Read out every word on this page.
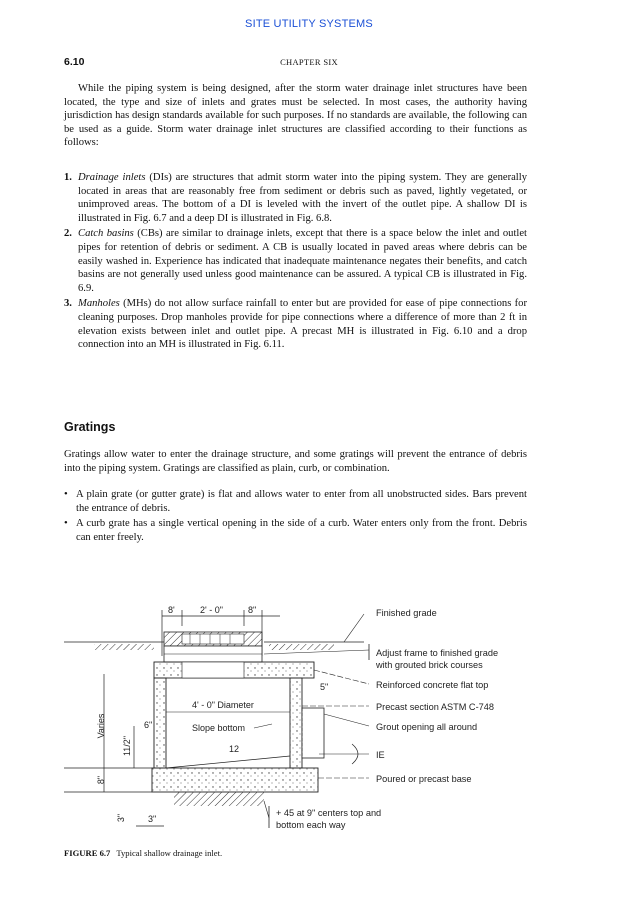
SITE UTILITY SYSTEMS
6.10	CHAPTER SIX

While the piping system is being designed, after the storm water drainage inlet structures have been located, the type and size of inlets and grates must be selected. In most cases, the authority having jurisdiction has design standards available for such purposes. If no standards are available, the following can be used as a guide. Storm water drainage inlet structures are classified according to their functions as follows:

1. Drainage inlets (DIs) are structures that admit storm water into the piping system. They are generally located in areas that are reasonably free from sediment or debris such as paved, lightly vegetated, or unimproved areas. The bottom of a DI is leveled with the invert of the outlet pipe. A shallow DI is illustrated in Fig. 6.7 and a deep DI is illustrated in Fig. 6.8.
2. Catch basins (CBs) are similar to drainage inlets, except that there is a space below the inlet and outlet pipes for retention of debris or sediment. A CB is usually located in paved areas where debris can be easily washed in. Experience has indicated that inadequate maintenance negates their benefits, and catch basins are not generally used unless good maintenance can be assured. A typical CB is illustrated in Fig. 6.9.
3. Manholes (MHs) do not allow surface rainfall to enter but are provided for ease of pipe connections for cleaning purposes. Drop manholes provide for pipe connections where a difference of more than 2 ft in elevation exists between inlet and outlet pipe. A precast MH is illustrated in Fig. 6.10 and a drop connection into an MH is illustrated in Fig. 6.11.
Gratings

Gratings allow water to enter the drainage structure, and some gratings will prevent the entrance of debris into the piping system. Gratings are classified as plain, curb, or combination.

• A plain grate (or gutter grate) is flat and allows water to enter from all unobstructed sides. Bars prevent the entrance of debris.
• A curb grate has a single vertical opening in the side of a curb. Water enters only from the front. Debris can enter freely.
8'	2' - 0"	8"
4' - 0" Diameter
Slope bottom
12
Varies	6"
11/2"
8"
3" 3"
5"
Finished grade
Adjust frame to finished grade
with grouted brick courses
Reinforced concrete flat top
Precast section ASTM C-748
Grout opening all around
IE
Poured or precast base
+ 45 at 9" centers top and
bottom each way
FIGURE 6.7 Typical shallow drainage inlet.
